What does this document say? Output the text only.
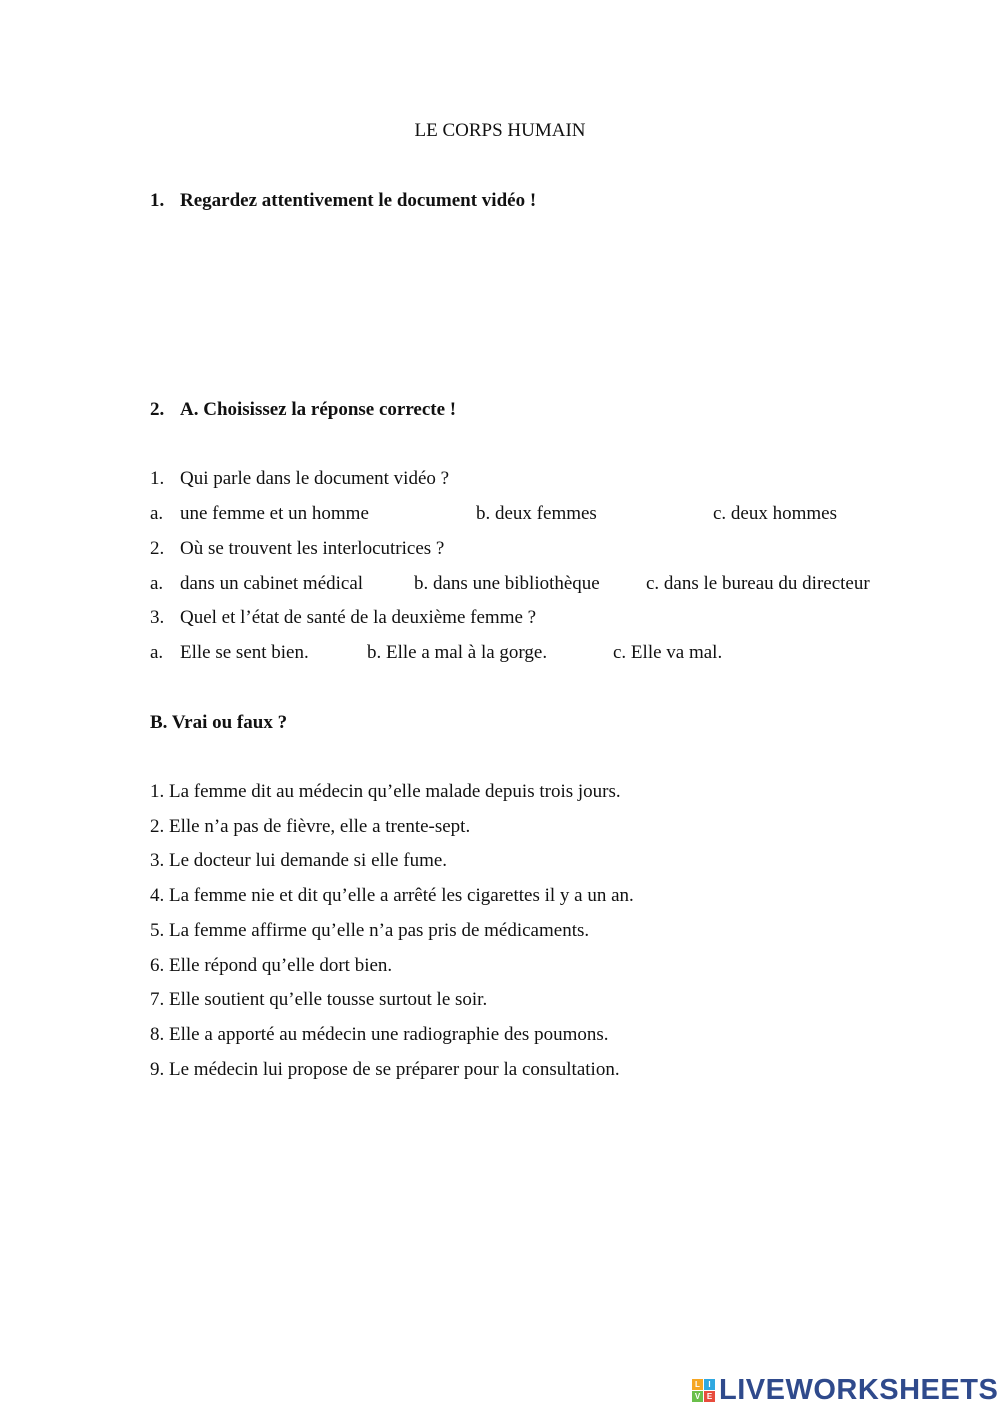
LE CORPS HUMAIN
1. Regardez attentivement le document vidéo !
2. A. Choisissez la réponse correcte !
1. Qui parle dans le document vidéo ?
a. une femme et un homme	b. deux femmes	c. deux hommes
2. Où se trouvent les interlocutrices ?
a. dans un cabinet médical	b. dans une bibliothèque c. dans le bureau du directeur
3. Quel et l’état de santé de la deuxième femme ?
a. Elle se sent bien.	b. Elle a mal à la gorge.	c. Elle va mal.
B. Vrai ou faux ?
1. La femme dit au médecin qu’elle malade depuis trois jours.
2. Elle n’a pas de fièvre, elle a trente-sept.
3. Le docteur lui demande si elle fume.
4. La femme nie et dit qu’elle a arrêté les cigarettes il y a un an.
5. La femme affirme qu’elle n’a pas pris de médicaments.
6. Elle répond qu’elle dort bien.
7. Elle soutient qu’elle tousse surtout le soir.
8. Elle a apporté au médecin une radiographie des poumons.
9. Le médecin lui propose de se préparer pour la consultation.
L	I
V E LIVEWORKSHEETS
